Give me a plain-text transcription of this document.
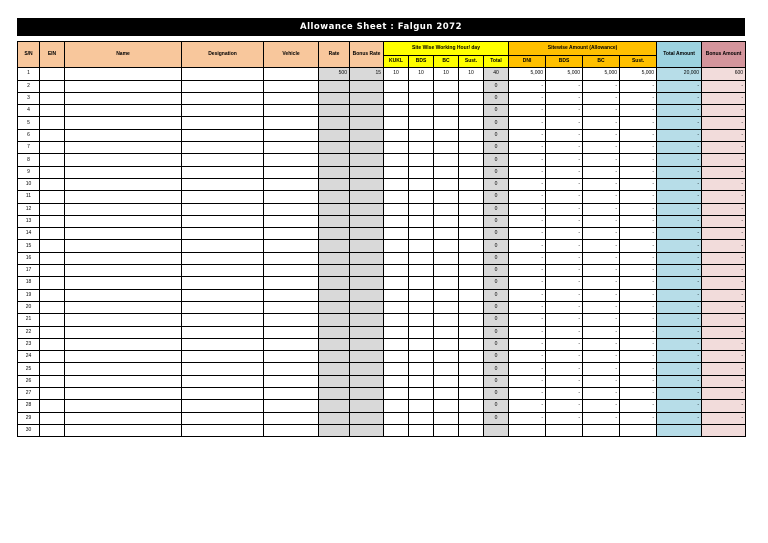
Allowance Sheet : Falgun 2072
S/N	EIN	Name	Designation	Vehicle	Rate	Bonus Rate	Site Wise Working Hour/ day					Sitewise Amount (Allowance)				Total Amount	Bonus Amount
							KUKL	BDS	BC	Sust.	Total	DNI	BDS	BC	Sust.		
1					500	15	10	10	10	10	40	5,000	5,000	5,000	5,000	20,000	600
2											0	-	-	-	-	-	-
3											0	-	-	-	-	-	-
4											0	-	-	-	-	-	-
5											0	-	-	-	-	-	-
6											0	-	-	-	-	-	-
7											0	-	-	-	-	-	-
8											0	-	-	-	-	-	-
9											0	-	-	-	-	-	-
10											0	-	-	-	-	-	-
11											0	-	-	-	-	-	-
12											0	-	-	-	-	-	-
13											0	-	-	-	-	-	-
14											0	-	-	-	-	-	-
15											0	-	-	-	-	-	-
16											0	-	-	-	-	-	-
17											0	-	-	-	-	-	-
18											0	-	-	-	-	-	-
19											0	-	-	-	-	-	-
20											0	-	-	-	-	-	-
21											0	-	-	-	-	-	-
22											0	-	-	-	-	-	-
23											0	-	-	-	-	-	-
24											0	-	-	-	-	-	-
25											0	-	-	-	-	-	-
26											0	-	-	-	-	-	-
27											0	-	-	-	-	-	-
28											0	-	-	-	-	-	-
29											0	-	-	-	-	-	-
30																	
